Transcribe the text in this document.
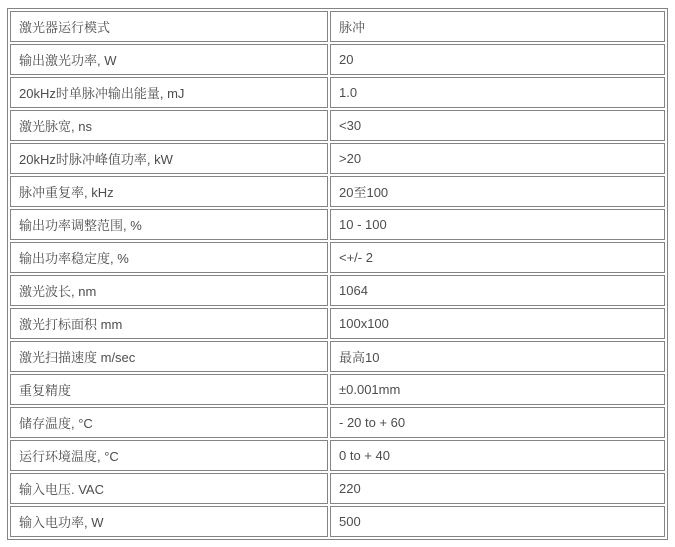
激光器运行模式	脉冲
输出激光功率, W	20
20kHz时单脉冲输出能量, mJ	1.0
激光脉宽, ns	<30
20kHz时脉冲峰值功率, kW	>20
脉冲重复率, kHz	20至100
输出功率调整范围, %	10 - 100
输出功率稳定度, %	<+/- 2
激光波长, nm	1064
激光打标面积 mm	100x100
激光扫描速度 m/sec	最高10
重复精度	±0.001mm
储存温度, °C	- 20 to + 60
运行环境温度, °C	0 to + 40
输入电压. VAC	220
输入电功率, W	500
